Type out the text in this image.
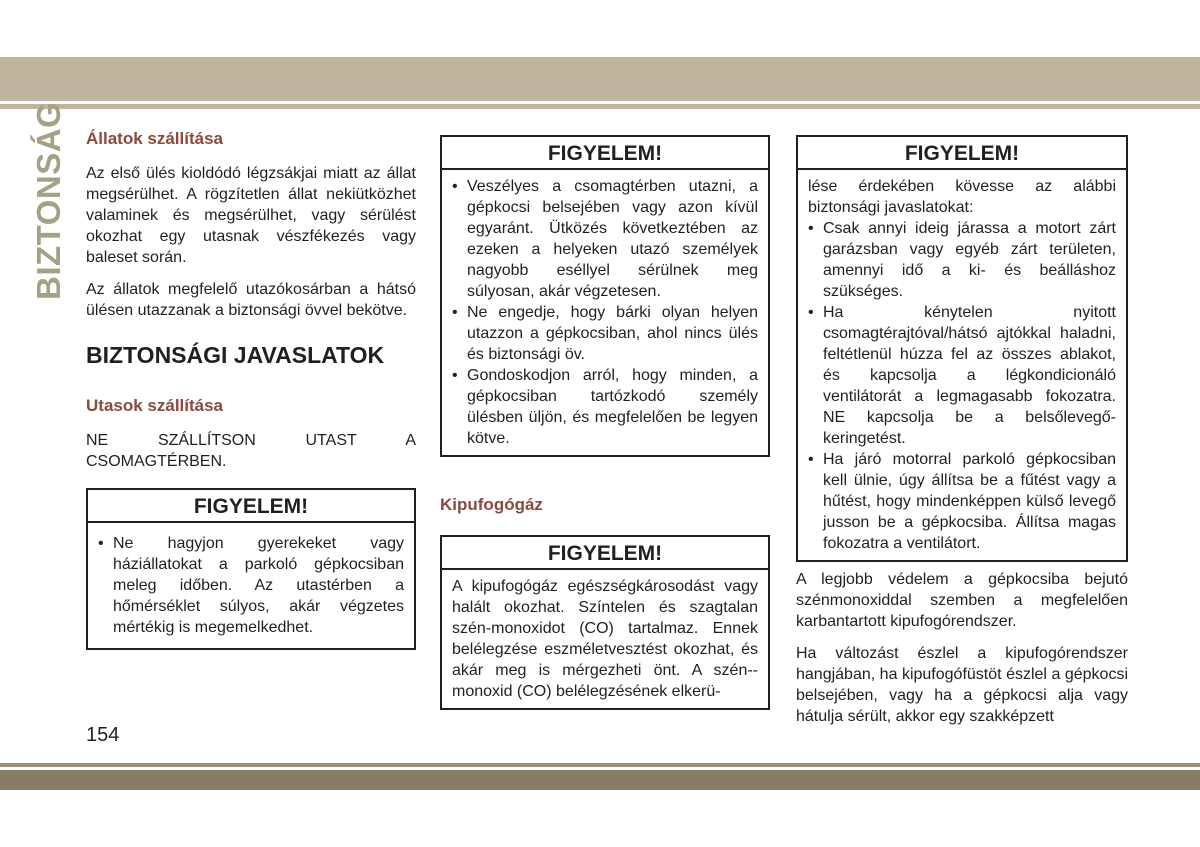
BIZTONSÁG Állatok szállítása

Az első ülés kioldódó légzsákjai miatt az állat megsérülhet. A rögzítetlen állat nekiütközhet valaminek és megsérülhet, vagy sérülést okozhat egy utasnak vészfékezés vagy baleset során.

Az állatok megfelelő utazókosárban a hátsó ülésen utazzanak a biztonsági övvel bekötve.

BIZTONSÁGI JAVASLATOK
Utasok szállítása

NE SZÁLLÍTSON UTAST A CSOMAGTÉRBEN.

FIGYELEM!
• Ne hagyjon gyerekeket vagy háziállatokat a parkoló gépkocsiban meleg időben. Az utastérben a hőmérséklet súlyos, akár végzetes mértékig is megemelkedhet.
FIGYELEM!
• Veszélyes a csomagtérben utazni, a gépkocsi belsejében vagy azon kívül egyaránt. Ütközés következtében az ezeken a helyeken utazó személyek nagyobb eséllyel sérülnek meg súlyosan, akár végzetesen.
• Ne engedje, hogy bárki olyan helyen utazzon a gépkocsiban, ahol nincs ülés és biztonsági öv.
• Gondoskodjon arról, hogy minden, a gépkocsiban tartózkodó személy ülésben üljön, és megfelelően be legyen kötve.
Kipufogógáz
FIGYELEM!

A kipufogógáz egészségkárosodást vagy halált okozhat. Színtelen és szagtalan szén-monoxidot (CO) tartalmaz. Ennek belélegzése eszméletvesztést okozhat, és akár meg is mérgezheti önt. A szén--monoxid (CO) belélegzésének elkerü-

FIGYELEM!

lése érdekében kövesse az alábbi biztonsági javaslatokat:

• Csak annyi ideig járassa a motort zárt garázsban vagy egyéb zárt területen, amennyi idő a ki- és beálláshoz szükséges.
• Ha kénytelen nyitott csomagtérajtóval/hátsó ajtókkal haladni, feltétlenül húzza fel az összes ablakot, és kapcsolja a légkondicionáló ventilátorát a legmagasabb fokozatra. NE kapcsolja be a belsőlevegő-keringetést.
• Ha járó motorral parkoló gépkocsiban kell ülnie, úgy állítsa be a fűtést vagy a hűtést, hogy mindenképpen külső levegő jusson be a gépkocsiba. Állítsa magas fokozatra a ventilátort.

A legjobb védelem a gépkocsiba bejutó szénmonoxiddal szemben a megfelelően karbantartott kipufogórendszer.

Ha változást észlel a kipufogórendszer hangjában, ha kipufogófüstöt észlel a gépkocsi belsejében, vagy ha a gépkocsi alja vagy hátulja sérült, akkor egy szakképzett

154
